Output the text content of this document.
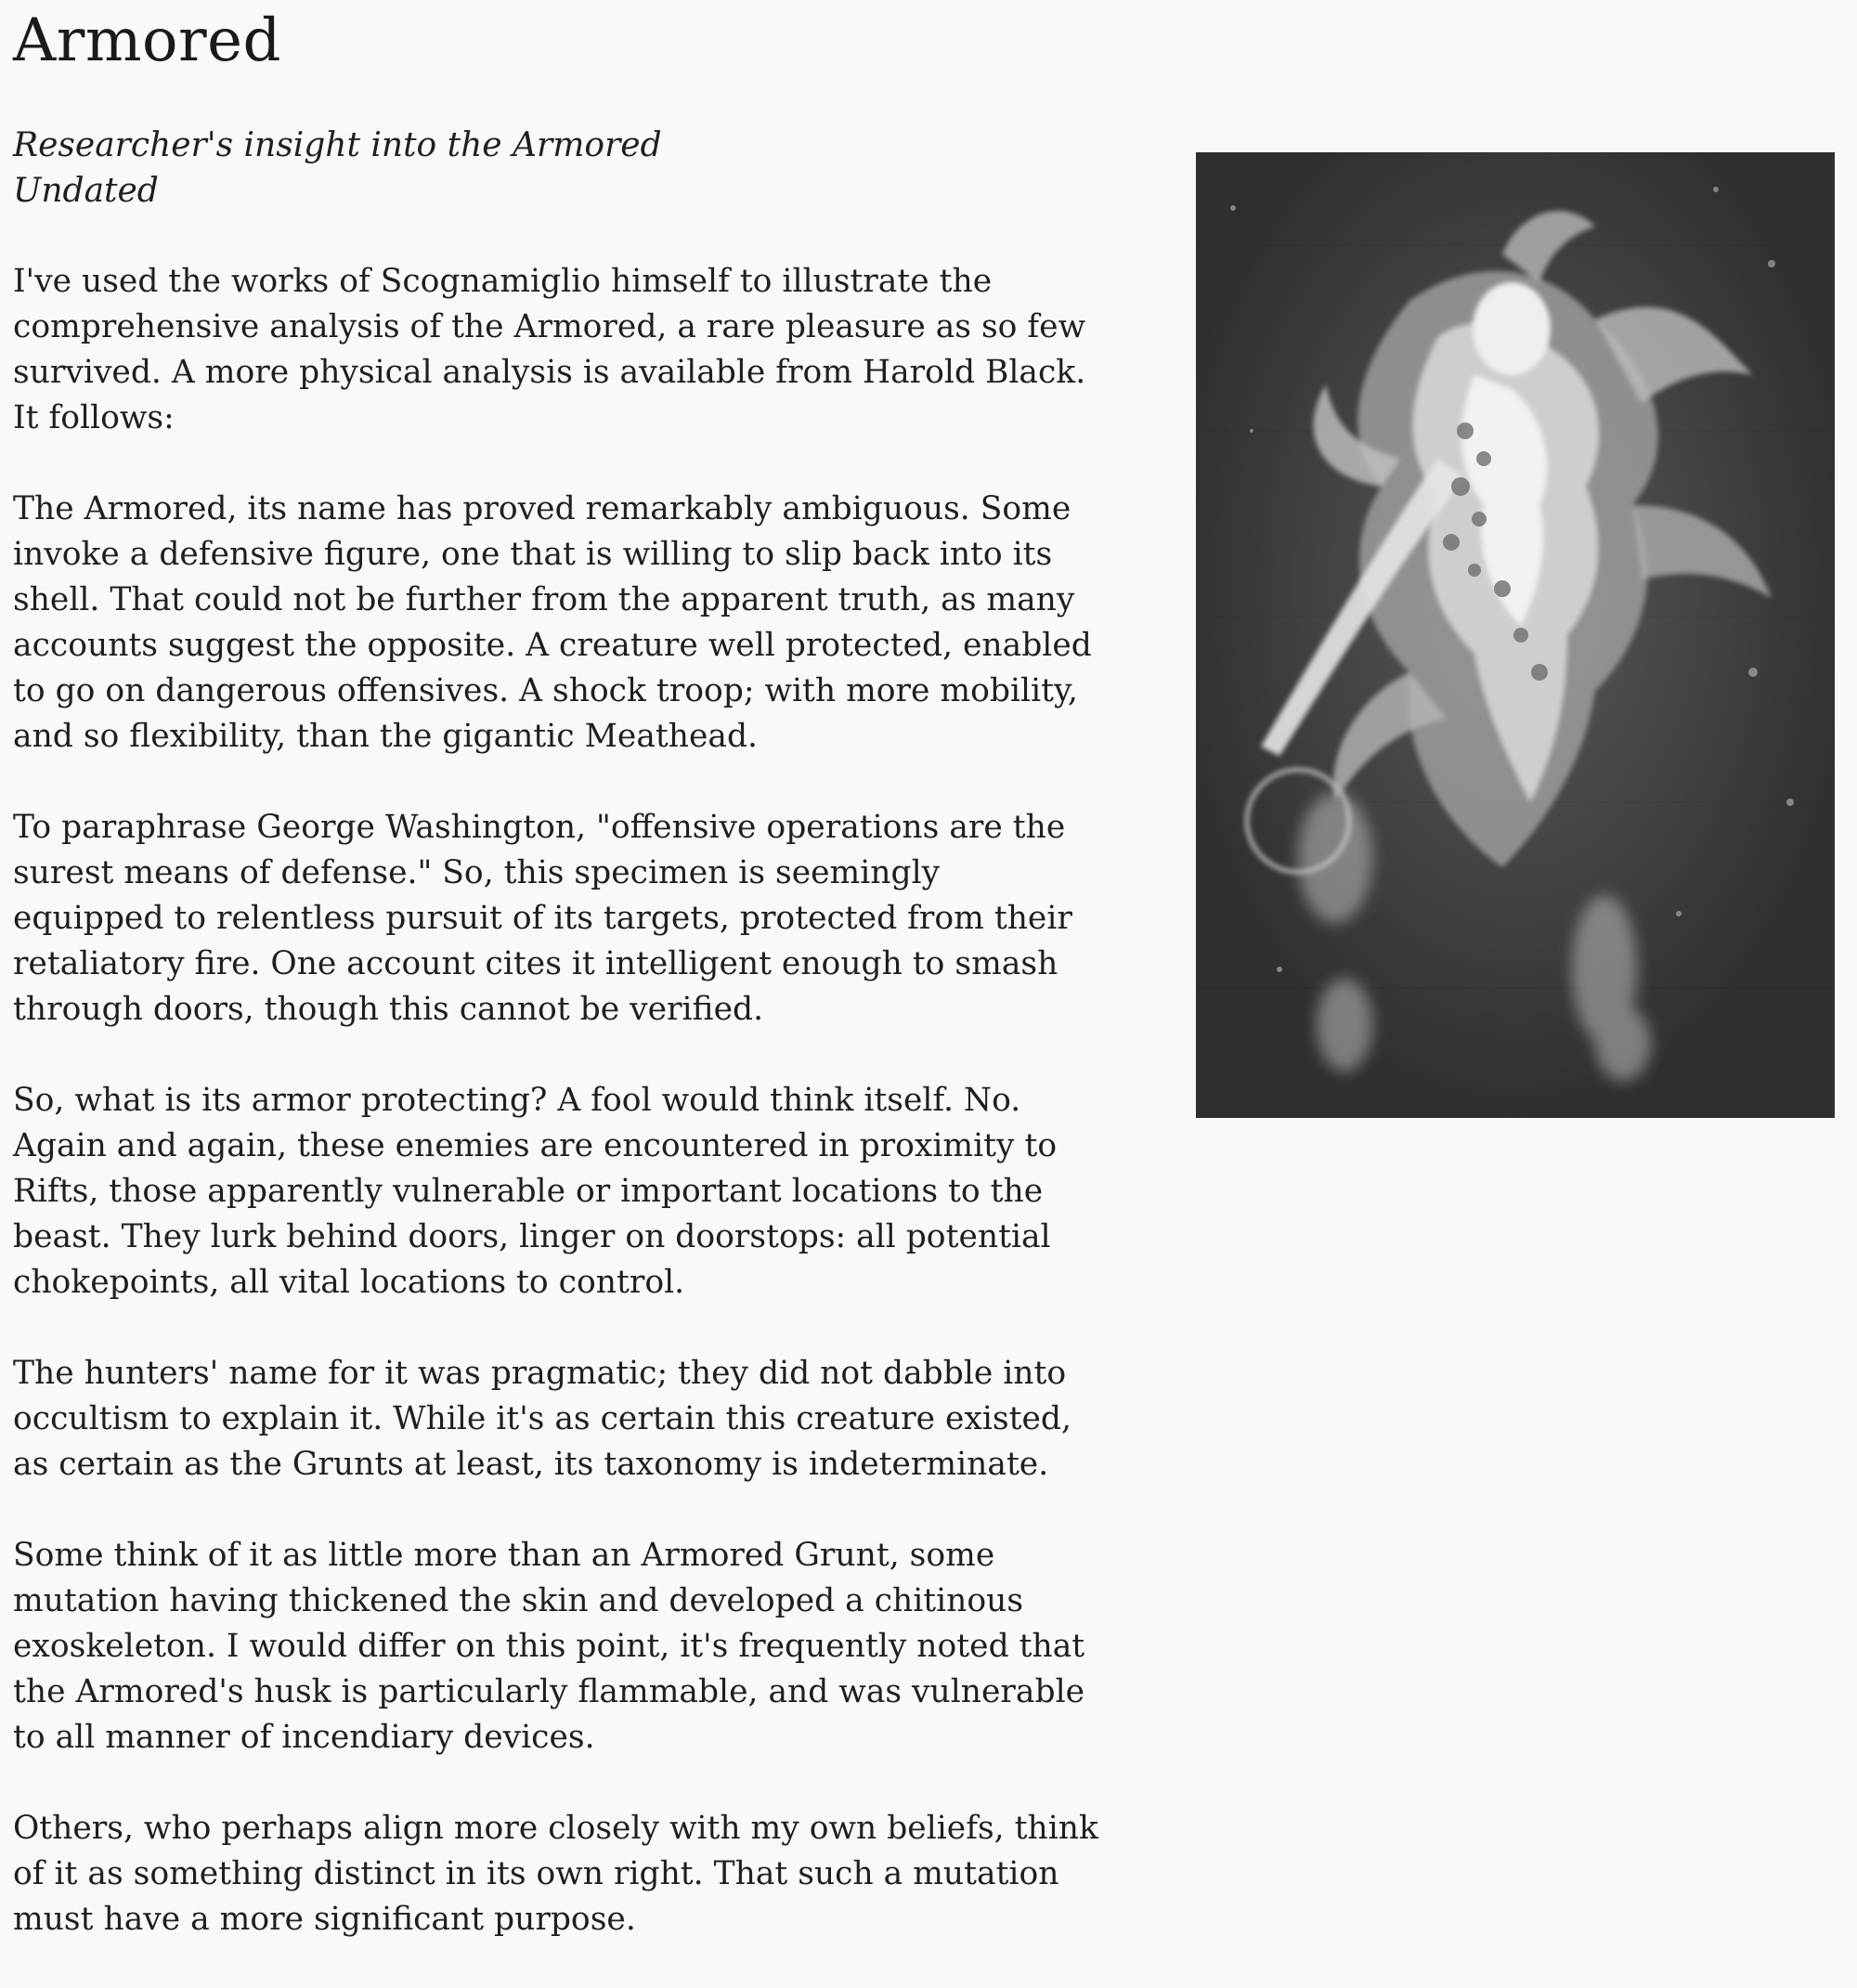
Armored
Researcher's insight into the Armored
Undated

I've used the works of Scognamiglio himself to illustrate the comprehensive analysis of the Armored, a rare pleasure as so few survived. A more physical analysis is available from Harold Black. It follows:

The Armored, its name has proved remarkably ambiguous. Some invoke a defensive figure, one that is willing to slip back into its shell. That could not be further from the apparent truth, as many accounts suggest the opposite. A creature well protected, enabled to go on dangerous offensives. A shock troop; with more mobility, and so flexibility, than the gigantic Meathead.

To paraphrase George Washington, "offensive operations are the surest means of defense." So, this specimen is seemingly equipped to relentless pursuit of its targets, protected from their retaliatory fire. One account cites it intelligent enough to smash through doors, though this cannot be verified.

So, what is its armor protecting? A fool would think itself. No. Again and again, these enemies are encountered in proximity to Rifts, those apparently vulnerable or important locations to the beast. They lurk behind doors, linger on doorstops: all potential chokepoints, all vital locations to control.

The hunters' name for it was pragmatic; they did not dabble into occultism to explain it. While it's as certain this creature existed, as certain as the Grunts at least, its taxonomy is indeterminate.

Some think of it as little more than an Armored Grunt, some mutation having thickened the skin and developed a chitinous exoskeleton. I would differ on this point, it's frequently noted that the Armored's husk is particularly flammable, and was vulnerable to all manner of incendiary devices.

Others, who perhaps align more closely with my own beliefs, think of it as something distinct in its own right. That such a mutation must have a more significant purpose.
